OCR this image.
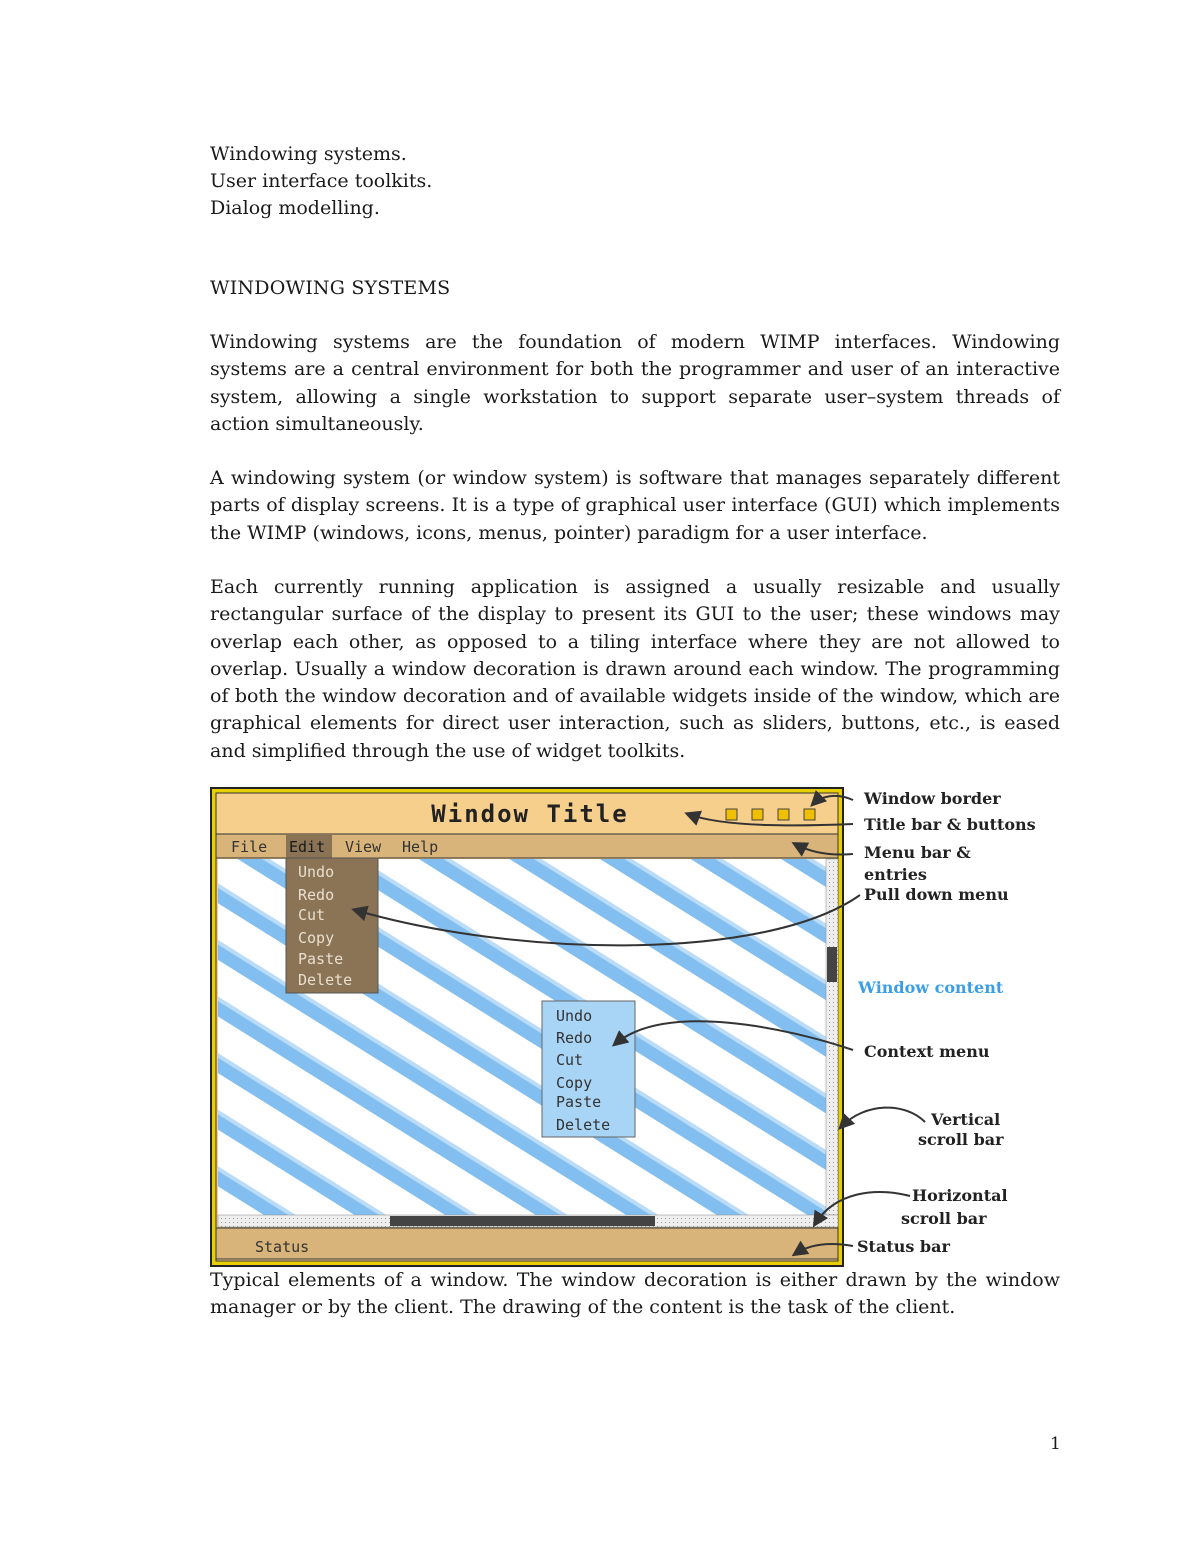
Windowing systems.
User interface toolkits.
Dialog modelling.
WINDOWING SYSTEMS
Windowing systems are the foundation of modern WIMP interfaces. Windowing systems are a central environment for both the programmer and user of an interactive system, allowing a single workstation to support separate user–system threads of action simultaneously.
A windowing system (or window system) is software that manages separately different parts of display screens. It is a type of graphical user interface (GUI) which implements the WIMP (windows, icons, menus, pointer) paradigm for a user interface.
Each currently running application is assigned a usually resizable and usually rectangular surface of the display to present its GUI to the user; these windows may overlap each other, as opposed to a tiling interface where they are not allowed to overlap. Usually a window decoration is drawn around each window. The programming of both the window decoration and of available widgets inside of the window, which are graphical elements for direct user interaction, such as sliders, buttons, etc., is eased and simplified through the use of widget toolkits.
Window Title
File Edit View Help
Status
Undo
Redo
Cut
Copy
Paste
Delete
Undo
Redo
Cut
Copy
Paste
Delete
Window border
Title bar & buttons
Menu bar &
entries
Pull down menu
Window content
Context menu
Vertical
scroll bar
Horizontal
scroll bar
Status bar
Typical elements of a window. The window decoration is either drawn by the window manager or by the client. The drawing of the content is the task of the client.
1
